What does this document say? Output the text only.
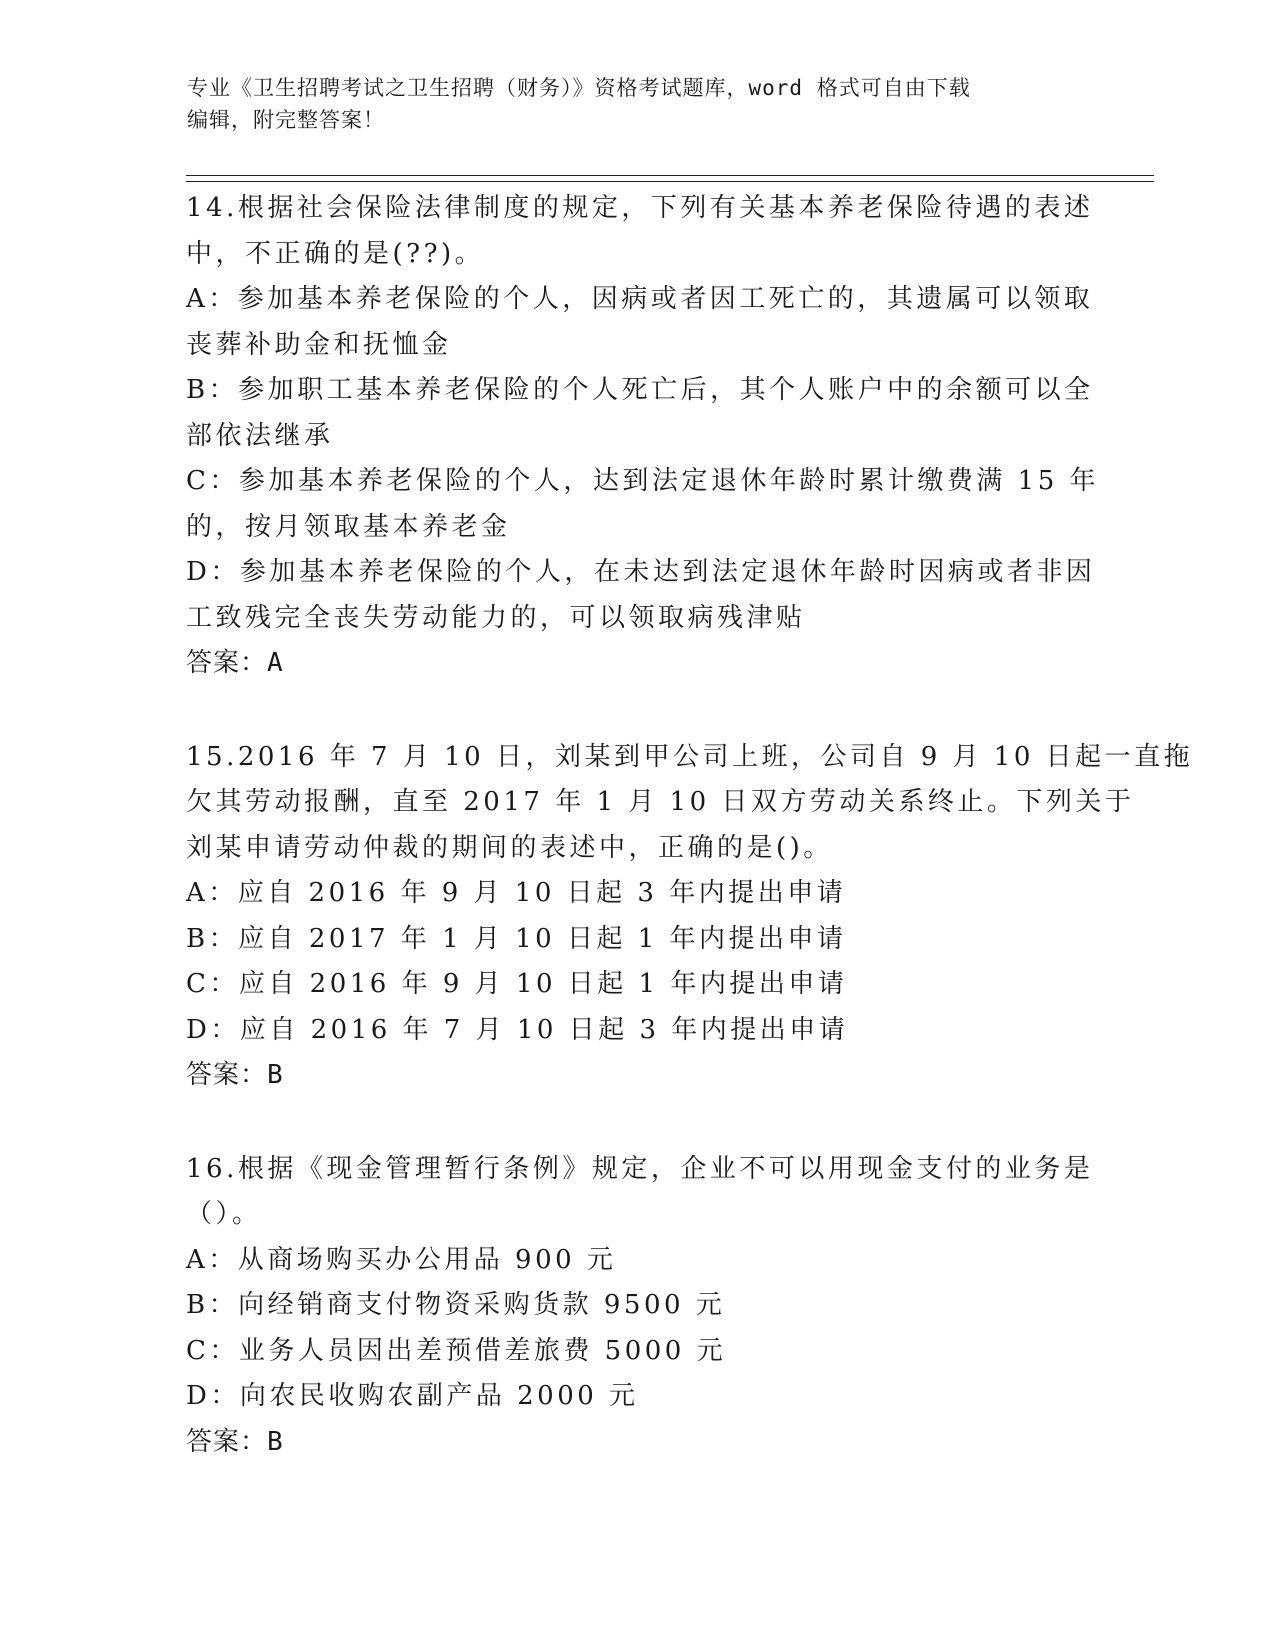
专业《卫生招聘考试之卫生招聘（财务）》资格考试题库，word 格式可自由下载
编辑，附完整答案！
14.根据社会保险法律制度的规定，下列有关基本养老保险待遇的表述
中，不正确的是(??)。
A：参加基本养老保险的个人，因病或者因工死亡的，其遗属可以领取
丧葬补助金和抚恤金
B：参加职工基本养老保险的个人死亡后，其个人账户中的余额可以全
部依法继承
C：参加基本养老保险的个人，达到法定退休年龄时累计缴费满 15 年
的，按月领取基本养老金
D：参加基本养老保险的个人，在未达到法定退休年龄时因病或者非因
工致残完全丧失劳动能力的，可以领取病残津贴
答案：A
15.2016 年 7 月 10 日，刘某到甲公司上班，公司自 9 月 10 日起一直拖
欠其劳动报酬，直至 2017 年 1 月 10 日双方劳动关系终止。下列关于
刘某申请劳动仲裁的期间的表述中，正确的是()。
A：应自 2016 年 9 月 10 日起 3 年内提出申请
B：应自 2017 年 1 月 10 日起 1 年内提出申请
C：应自 2016 年 9 月 10 日起 1 年内提出申请
D：应自 2016 年 7 月 10 日起 3 年内提出申请
答案：B
16.根据《现金管理暂行条例》规定，企业不可以用现金支付的业务是
（）。
A：从商场购买办公用品 900 元
B：向经销商支付物资采购货款 9500 元
C：业务人员因出差预借差旅费 5000 元
D：向农民收购农副产品 2000 元
答案：B
